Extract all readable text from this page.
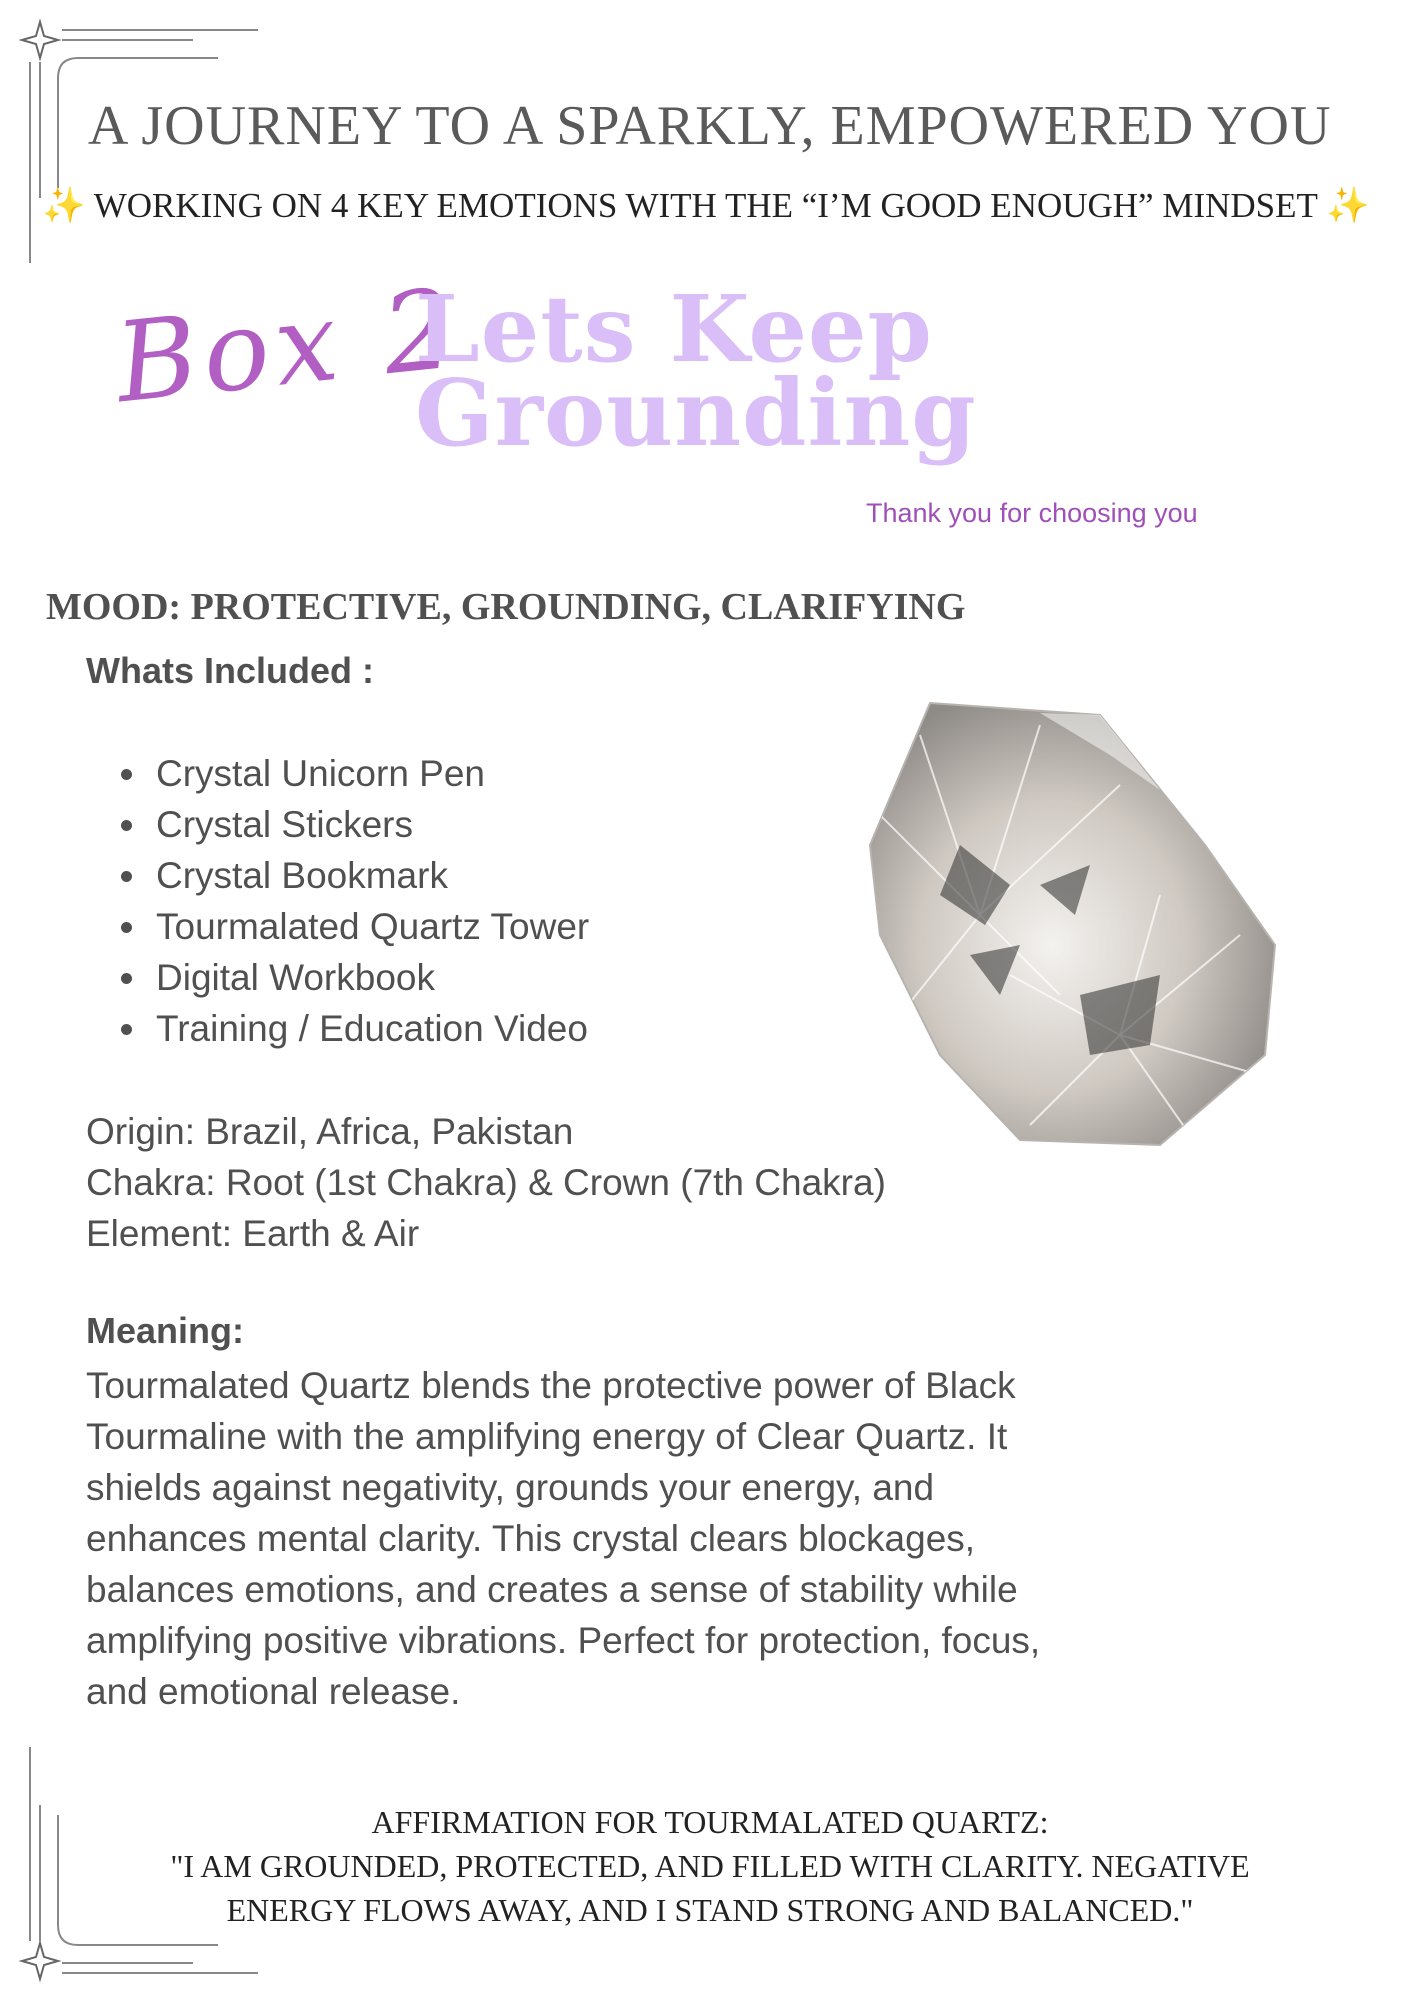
A JOURNEY TO A SPARKLY, EMPOWERED YOU
✨ WORKING ON 4 KEY EMOTIONS WITH THE “I’M GOOD ENOUGH” MINDSET ✨
Box 2
Lets Keep Grounding
Thank you for choosing you
MOOD: PROTECTIVE, GROUNDING, CLARIFYING
Whats Included :
• Crystal Unicorn Pen
• Crystal Stickers
• Crystal Bookmark
• Tourmalated Quartz Tower
• Digital Workbook
• Training / Education Video
Origin: Brazil, Africa, Pakistan
Chakra: Root (1st Chakra) & Crown (7th Chakra)
Element: Earth & Air
Meaning:
Tourmalated Quartz blends the protective power of Black Tourmaline with the amplifying energy of Clear Quartz. It shields against negativity, grounds your energy, and enhances mental clarity. This crystal clears blockages, balances emotions, and creates a sense of stability while amplifying positive vibrations. Perfect for protection, focus, and emotional release.
AFFIRMATION FOR TOURMALATED QUARTZ:
"I AM GROUNDED, PROTECTED, AND FILLED WITH CLARITY. NEGATIVE ENERGY FLOWS AWAY, AND I STAND STRONG AND BALANCED."
